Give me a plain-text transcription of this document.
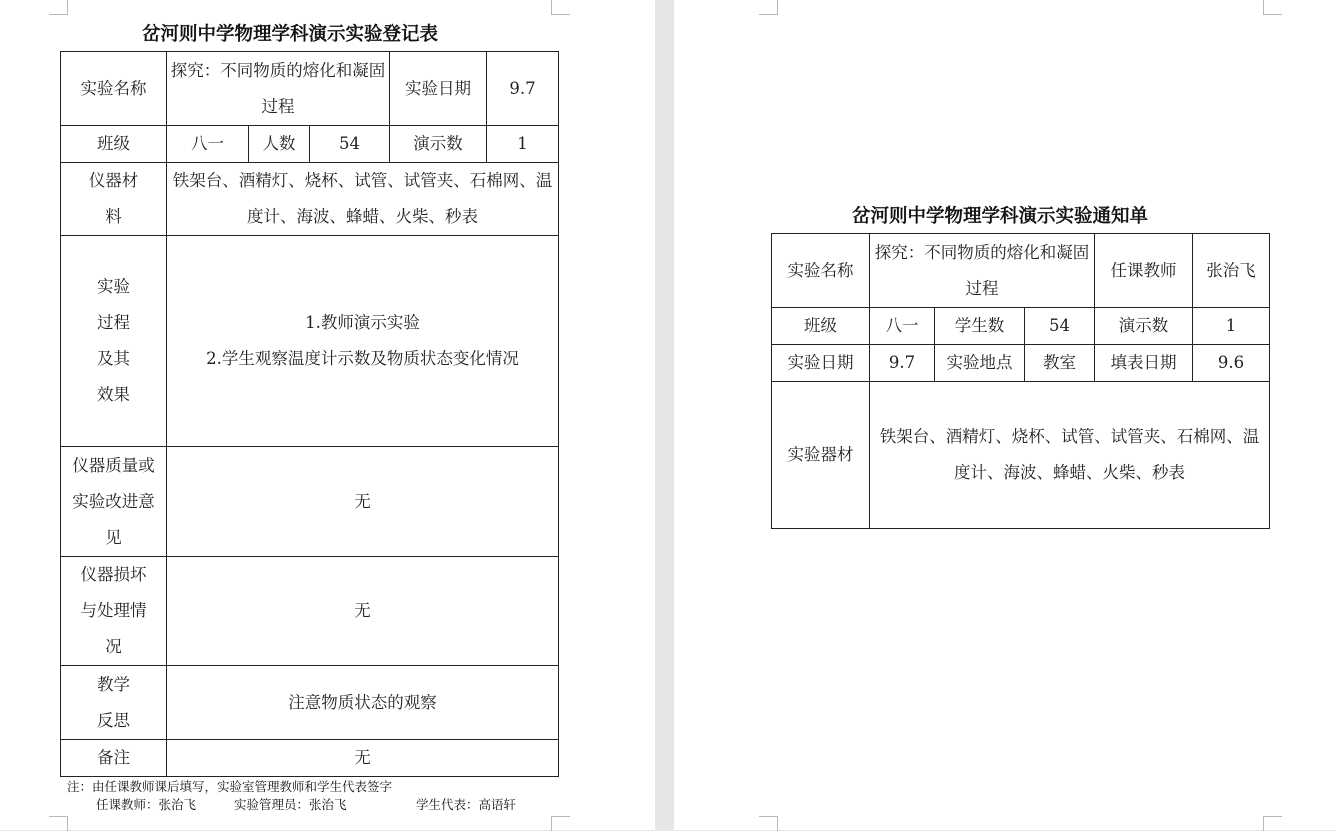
岔河则中学物理学科演示实验登记表
实验名称	探究：不同物质的熔化和凝固过程			实验日期	9.7
班级	八一	人数	54	演示数	1
仪器材料	铁架台、酒精灯、烧杯、试管、试管夹、石棉网、温度计、海波、蜂蜡、火柴、秒表				
实验过程及其效果	1.教师演示实验
2.学生观察温度计示数及物质状态变化情况				

仪器质量或实验改进意见	无				
仪器损坏与处理情况	无				
教学反思	注意物质状态的观察				
备注	无				
注：由任课教师课后填写，实验室管理教师和学生代表签字
任课教师：张治飞	实验管理员：张治飞	学生代表：高语轩
岔河则中学物理学科演示实验通知单
实验名称	探究：不同物质的熔化和凝固过程			任课教师	张治飞
班级	八一	学生数	54	演示数	1
实验日期	9.7	实验地点	教室	填表日期	9.6
实验器材	铁架台、酒精灯、烧杯、试管、试管夹、石棉网、温度计、海波、蜂蜡、火柴、秒表				
